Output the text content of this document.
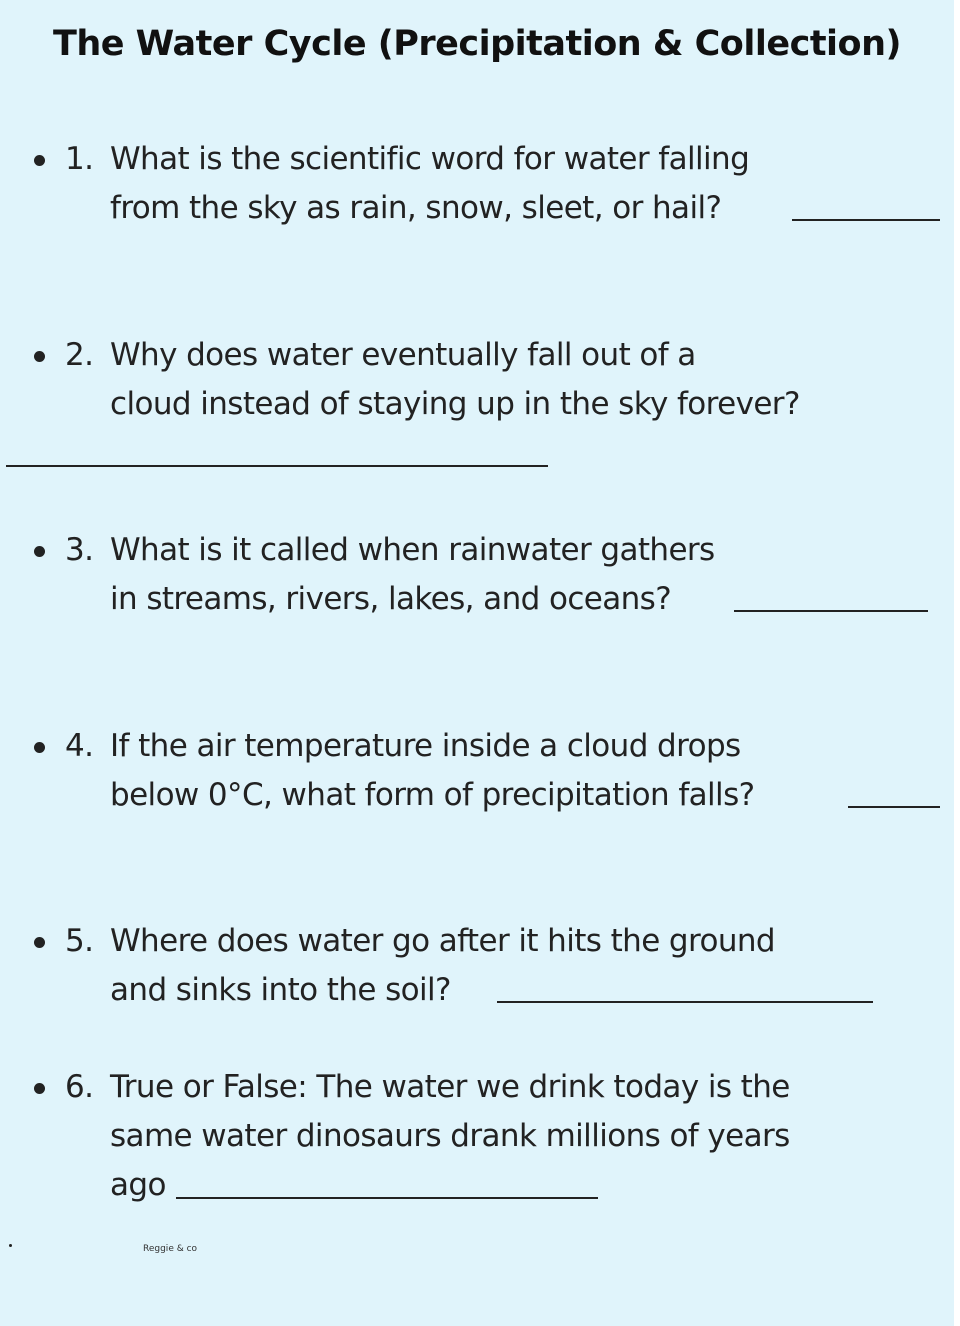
The Water Cycle (Precipitation & Collection)
1. What is the scientific word for water falling
from the sky as rain, snow, sleet, or hail?
2. Why does water eventually fall out of a
cloud instead of staying up in the sky forever?
3. What is it called when rainwater gathers
in streams, rivers, lakes, and oceans?
4. If the air temperature inside a cloud drops
below 0°C, what form of precipitation falls?
5. Where does water go after it hits the ground
and sinks into the soil?
6. True or False: The water we drink today is the
same water dinosaurs drank millions of years
ago
Reggie & co
